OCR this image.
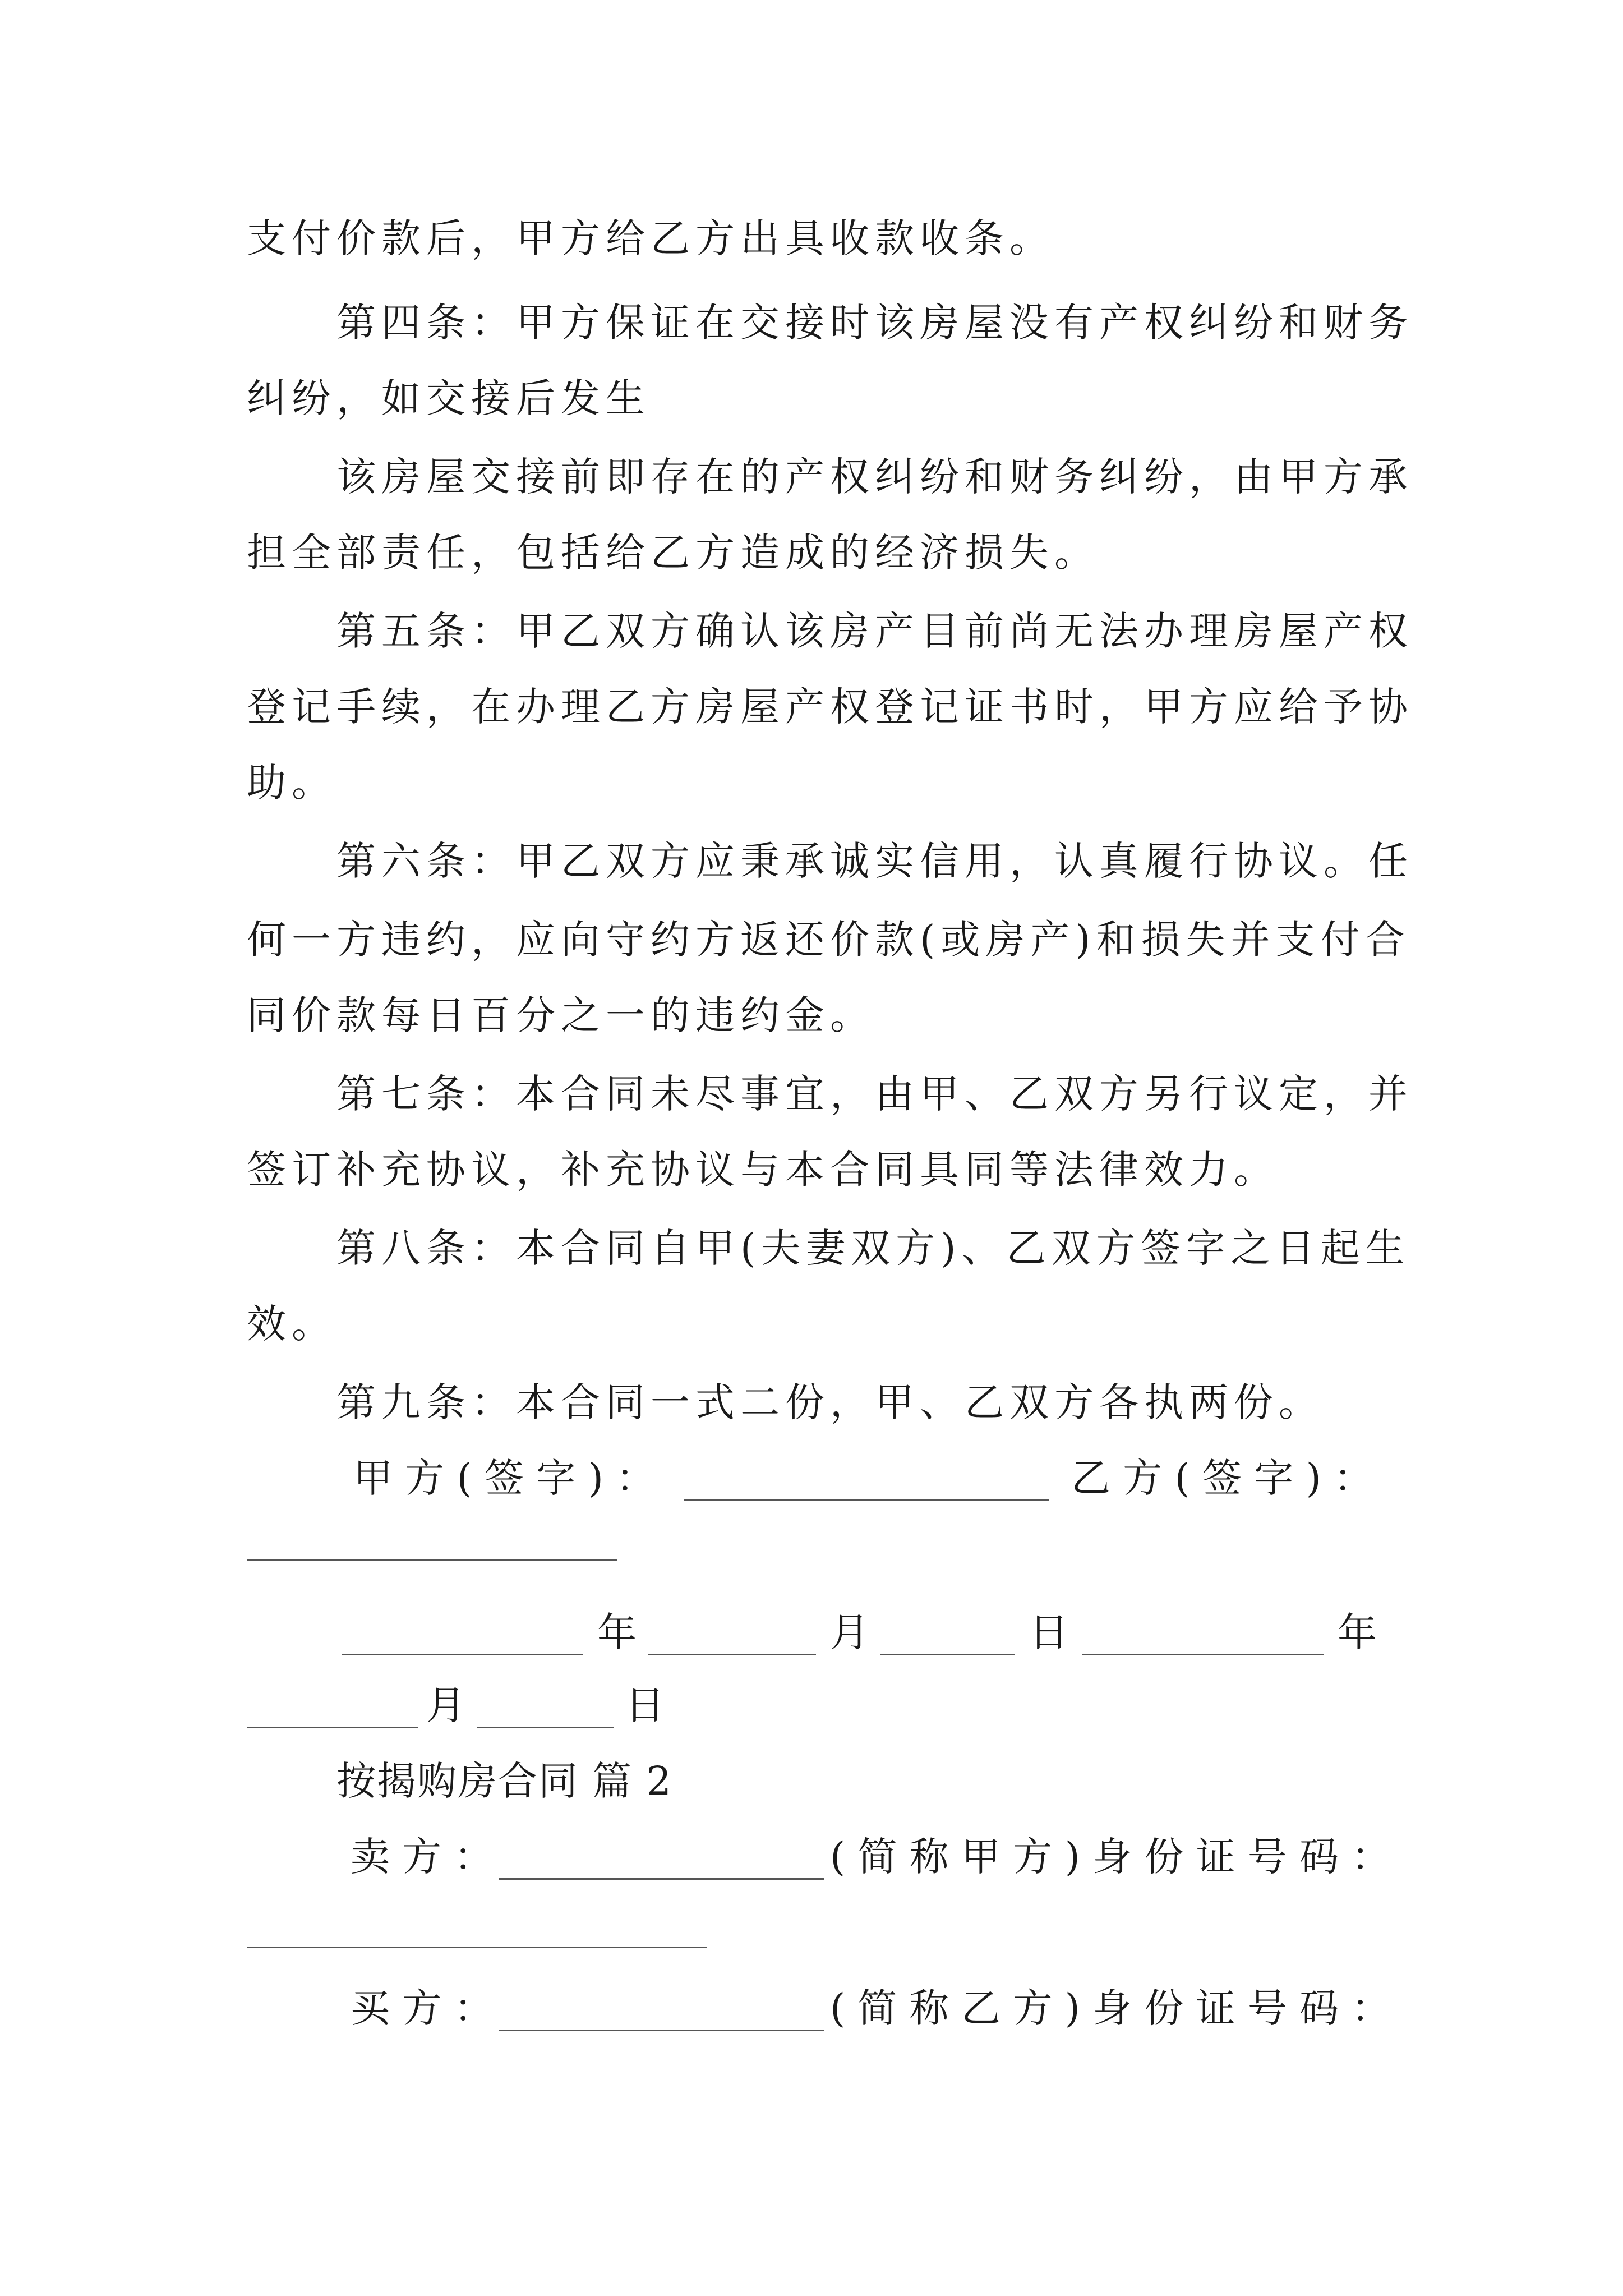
支付价款后，甲方给乙方出具收款收条。
第四条：甲方保证在交接时该房屋没有产权纠纷和财务
纠纷，如交接后发生
该房屋交接前即存在的产权纠纷和财务纠纷，由甲方承
担全部责任，包括给乙方造成的经济损失。
第五条：甲乙双方确认该房产目前尚无法办理房屋产权
登记手续，在办理乙方房屋产权登记证书时，甲方应给予协
助。
第六条：甲乙双方应秉承诚实信用，认真履行协议。任
何一方违约，应向守约方返还价款(或房产)和损失并支付合
同价款每日百分之一的违约金。
第七条：本合同未尽事宜，由甲、乙双方另行议定，并
签订补充协议，补充协议与本合同具同等法律效力。
第八条：本合同自甲(夫妻双方)、乙双方签字之日起生
效。
第九条：本合同一式二份，甲、乙双方各执两份。
甲 方 ( 签 字 ) ：	乙 方 ( 签 字 ) ：
年	月	日	年
月	日
按揭购房合同 篇 2
卖 方 ：	( 简 称 甲 方 ) 身 份 证 号 码 ：
买 方 ：	( 简 称 乙 方 ) 身 份 证 号 码 ：
